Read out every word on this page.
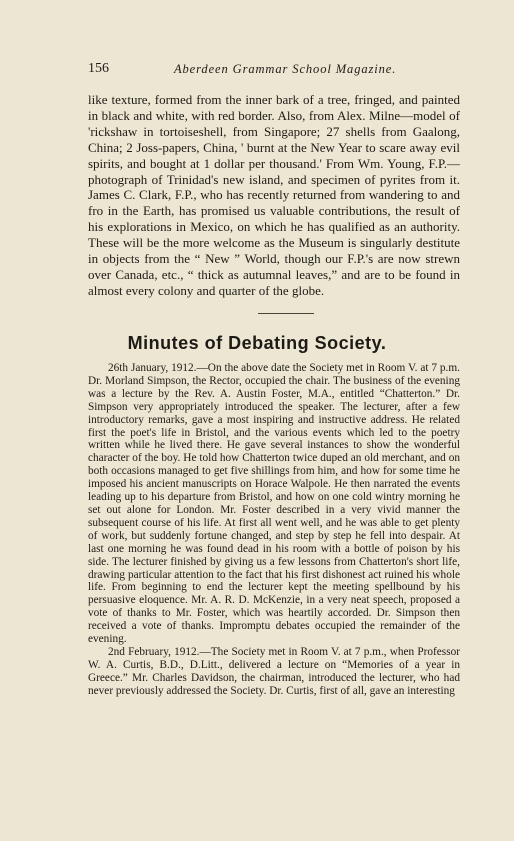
156	Aberdeen Grammar School Magazine.

like texture, formed from the inner bark of a tree, fringed, and painted in black and white, with red border. Also, from Alex. Milne—model of 'rickshaw in tortoiseshell, from Singapore; 27 shells from Gaalong, China; 2 Joss-papers, China, ' burnt at the New Year to scare away evil spirits, and bought at 1 dollar per thousand.' From Wm. Young, F.P.—photograph of Trinidad's new island, and specimen of pyrites from it. James C. Clark, F.P., who has recently returned from wandering to and fro in the Earth, has promised us valuable contributions, the result of his explorations in Mexico, on which he has qualified as an authority. These will be the more welcome as the Museum is singularly destitute in objects from the “ New ” World, though our F.P.'s are now strewn over Canada, etc., “ thick as autumnal leaves,” and are to be found in almost every colony and quarter of the globe.

Minutes of Debating Society.

26th January, 1912.—On the above date the Society met in Room V. at 7 p.m. Dr. Morland Simpson, the Rector, occupied the chair. The business of the evening was a lecture by the Rev. A. Austin Foster, M.A., entitled “Chatterton.” Dr. Simpson very appropriately introduced the speaker. The lecturer, after a few introductory remarks, gave a most inspiring and instructive address. He related first the poet's life in Bristol, and the various events which led to the poetry written while he lived there. He gave several instances to show the wonderful character of the boy. He told how Chatterton twice duped an old merchant, and on both occasions managed to get five shillings from him, and how for some time he imposed his ancient manuscripts on Horace Walpole. He then narrated the events leading up to his departure from Bristol, and how on one cold wintry morning he set out alone for London. Mr. Foster described in a very vivid manner the subsequent course of his life. At first all went well, and he was able to get plenty of work, but suddenly fortune changed, and step by step he fell into despair. At last one morning he was found dead in his room with a bottle of poison by his side. The lecturer finished by giving us a few lessons from Chatterton's short life, drawing particular attention to the fact that his first dishonest act ruined his whole life. From beginning to end the lecturer kept the meeting spellbound by his persuasive eloquence. Mr. A. R. D. McKenzie, in a very neat speech, proposed a vote of thanks to Mr. Foster, which was heartily accorded. Dr. Simpson then received a vote of thanks. Impromptu debates occupied the remainder of the evening.

2nd February, 1912.—The Society met in Room V. at 7 p.m., when Professor W. A. Curtis, B.D., D.Litt., delivered a lecture on “Memories of a year in Greece.” Mr. Charles Davidson, the chairman, introduced the lecturer, who had never previously addressed the Society. Dr. Curtis, first of all, gave an interesting
